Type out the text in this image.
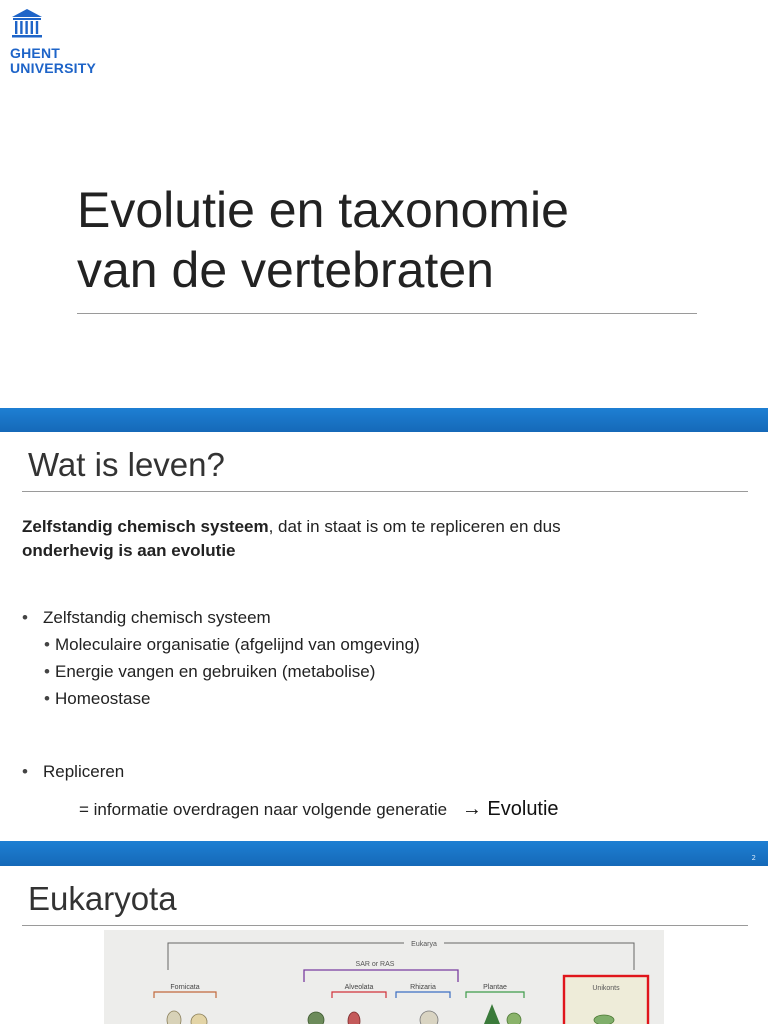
GHENT
UNIVERSITY
Evolutie en taxonomie
van de vertebraten
Wat is leven?

Zelfstandig chemisch systeem, dat in staat is om te repliceren en dus
onderhevig is aan evolutie

• Zelfstandig chemisch systeem
• Moleculaire organisatie (afgelijnd van omgeving)
• Energie vangen en gebruiken (metabolise)
• Homeostase
• Repliceren
= informatie overdragen naar volgende generatie → Evolutie
2
Eukaryota
Eukarya
SAR or RAS
Fornicata	Alveolata	Rhizaria	Plantae	Unikonts
